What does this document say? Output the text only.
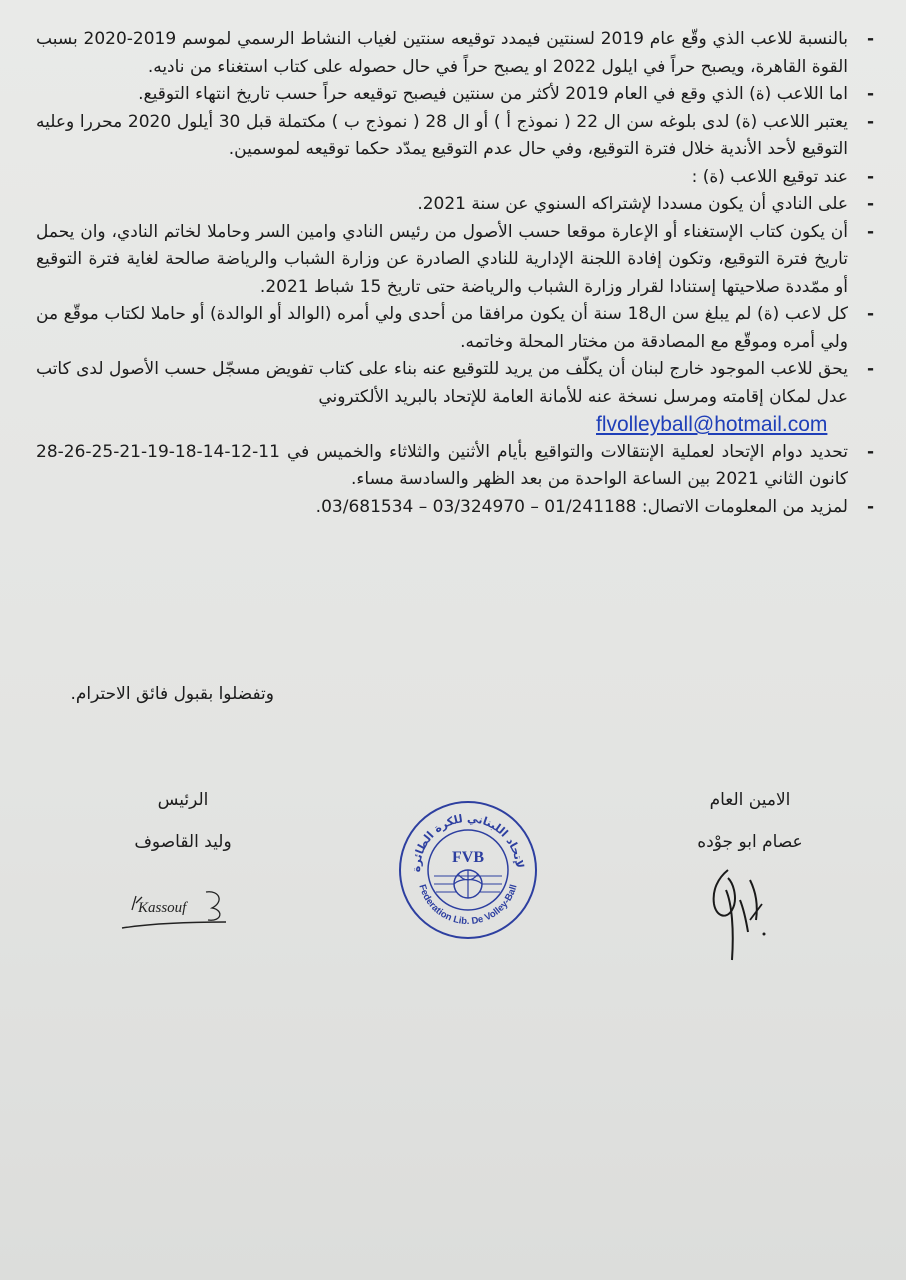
-
بالنسبة للاعب الذي وقّع عام 2019 لسنتين فيمدد توقيعه سنتين لغياب النشاط الرسمي لموسم 2019-2020 بسبب القوة القاهرة، ويصبح حراً في ايلول 2022 او يصبح حراً في حال حصوله على كتاب استغناء من ناديه.

-
اما اللاعب (ة) الذي وقع في العام 2019 لأكثر من سنتين فيصبح توقيعه حراً حسب تاريخ انتهاء التوقيع.

-
يعتبر اللاعب (ة) لدى بلوغه سن ال 22 ( نموذج أ ) أو ال 28 ( نموذج ب ) مكتملة قبل 30 أيلول 2020 محررا وعليه التوقيع لأحد الأندية خلال فترة التوقيع، وفي حال عدم التوقيع يمدّد حكما توقيعه لموسمين.

-
عند توقيع اللاعب (ة) :

-
على النادي أن يكون مسددا لإشتراكه السنوي عن سنة 2021.

-
أن يكون كتاب الإستغناء أو الإعارة موقعا حسب الأصول من رئيس النادي وامين السر وحاملا لخاتم النادي، وان يحمل تاريخ فترة التوقيع، وتكون إفادة اللجنة الإدارية للنادي الصادرة عن وزارة الشباب والرياضة صالحة لغاية فترة التوقيع أو ممّددة صلاحيتها إستنادا لقرار وزارة الشباب والرياضة حتى تاريخ 15 شباط 2021.

-
كل لاعب (ة) لم يبلغ سن ال18 سنة أن يكون مرافقا من أحدى ولي أمره (الوالد أو الوالدة) أو حاملا لكتاب موقّع من ولي أمره وموقّع مع المصادقة من مختار المحلة وخاتمه.

-
يحق للاعب الموجود خارج لبنان أن يكلّف من يريد للتوقيع عنه بناء على كتاب تفويض مسجّل حسب الأصول لدى كاتب عدل لمكان إقامته ومرسل نسخة عنه للأمانة العامة للإتحاد بالبريد الألكتروني
flvolleyball@hotmail.com

-
تحديد دوام الإتحاد لعملية الإنتقالات والتواقيع بأيام الأثنين والثلاثاء والخميس في 11-12-14-18-19-21-25-26-28 كانون الثاني 2021 بين الساعة الواحدة من بعد الظهر والسادسة مساء.

-
لمزيد من المعلومات الاتصال: 01/241188 – 03/324970 – 03/681534.

وتفضلوا بقبول فائق الاحترام.
الرئيس
وليد القاصوف
الامين العام
عصام ابو جوْده
Kassouf
لإتحاد اللبناني للكرة الطائرة
Federation Lib. De Volley-Ball
FVB
